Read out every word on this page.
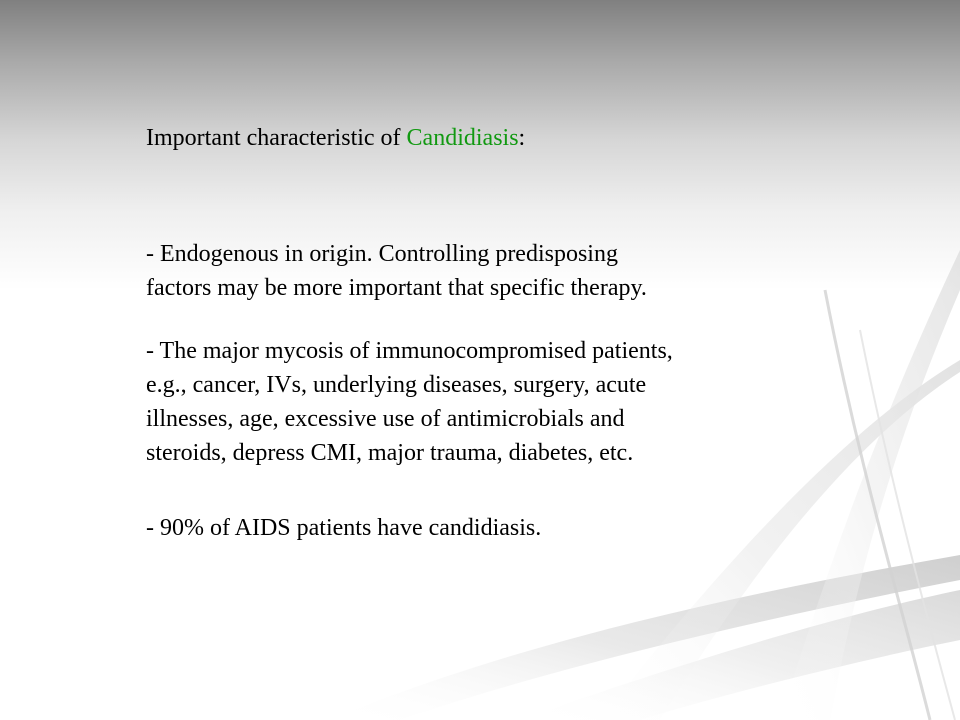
Important characteristic of Candidiasis:

- Endogenous in origin. Controlling predisposing
factors may be more important that specific therapy.

- The major mycosis of immunocompromised patients,
e.g., cancer, IVs, underlying diseases, surgery, acute
illnesses, age, excessive use of antimicrobials and
steroids, depress CMI, major trauma, diabetes, etc.

- 90% of AIDS patients have candidiasis.
